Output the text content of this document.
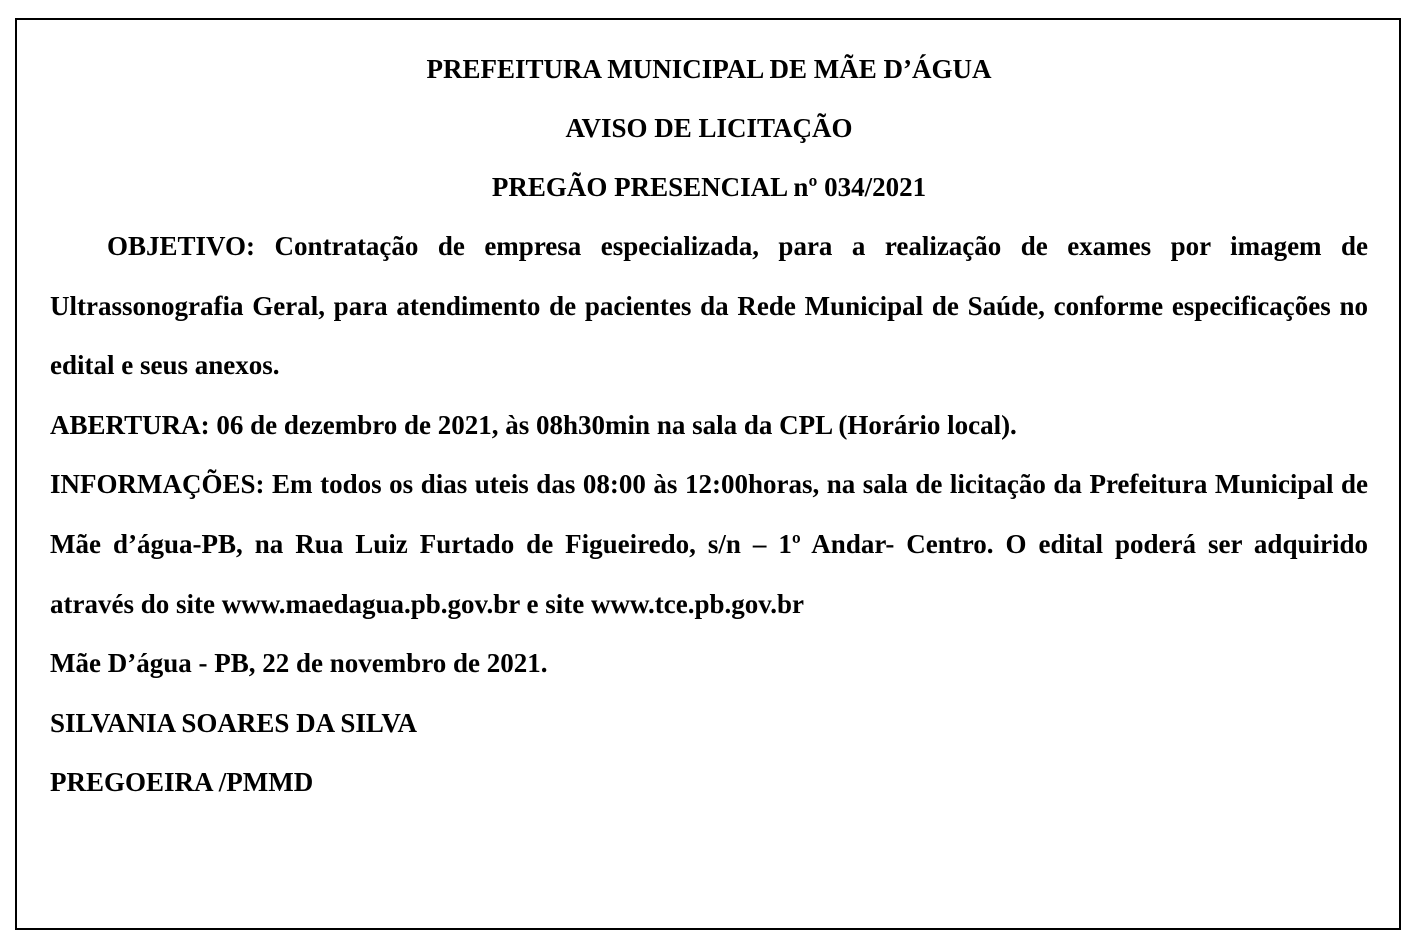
PREFEITURA MUNICIPAL DE MÃE D’ÁGUA
AVISO DE LICITAÇÃO
PREGÃO PRESENCIAL nº 034/2021

OBJETIVO: Contratação de empresa especializada, para a realização de exames por imagem de Ultrassonografia Geral, para atendimento de pacientes da Rede Municipal de Saúde, conforme especificações no edital e seus anexos.

ABERTURA: 06 de dezembro de 2021, às 08h30min na sala da CPL (Horário local).

INFORMAÇÕES: Em todos os dias uteis das 08:00 às 12:00horas, na sala de licitação da Prefeitura Municipal de Mãe d’água-PB, na Rua Luiz Furtado de Figueiredo, s/n – 1º Andar- Centro. O edital poderá ser adquirido através do site www.maedagua.pb.gov.br e site www.tce.pb.gov.br

Mãe D’água - PB, 22 de novembro de 2021.
SILVANIA SOARES DA SILVA
PREGOEIRA /PMMD
